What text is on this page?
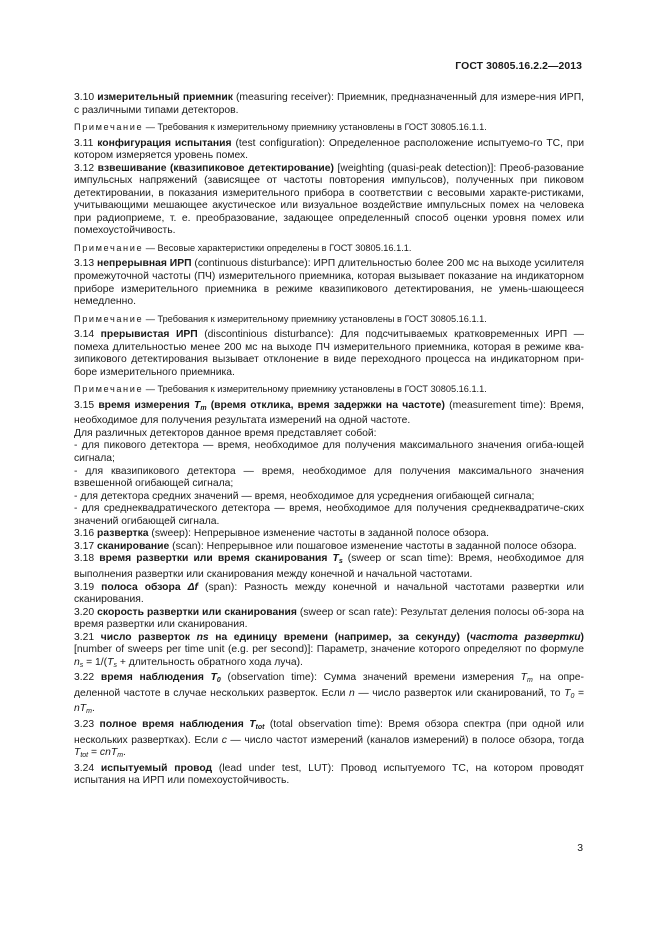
ГОСТ 30805.16.2.2—2013

3.10 измерительный приемник (measuring receiver): Приемник, предназначенный для измере-ния ИРП, с различными типами детекторов.

Примечание — Требования к измерительному приемнику установлены в ГОСТ 30805.16.1.1.

3.11 конфигурация испытания (test configuration): Определенное расположение испытуемо-го ТС, при котором измеряется уровень помех.

3.12 взвешивание (квазипиковое детектирование) [weighting (quasi-peak detection)]: Преоб-разование импульсных напряжений (зависящее от частоты повторения импульсов), полученных при пиковом детектировании, в показания измерительного прибора в соответствии с весовыми характе-ристиками, учитывающими мешающее акустическое или визуальное воздействие импульсных помех на человека при радиоприеме, т. е. преобразование, задающее определенный способ оценки уровня помех или помехоустойчивость.

Примечание — Весовые характеристики определены в ГОСТ 30805.16.1.1.

3.13 непрерывная ИРП (continuous disturbance): ИРП длительностью более 200 мс на выходе усилителя промежуточной частоты (ПЧ) измерительного приемника, которая вызывает показание на индикаторном приборе измерительного приемника в режиме квазипикового детектирования, не умень-шающееся немедленно.

Примечание — Требования к измерительному приемнику установлены в ГОСТ 30805.16.1.1.

3.14 прерывистая ИРП (discontinious disturbance): Для подсчитываемых кратковременных ИРП — помеха длительностью менее 200 мс на выходе ПЧ измерительного приемника, которая в режиме ква-зипикового детектирования вызывает отклонение в виде переходного процесса на индикаторном при-боре измерительного приемника.

Примечание — Требования к измерительному приемнику установлены в ГОСТ 30805.16.1.1.

3.15 время измерения $T_m$ (время отклика, время задержки на частоте) (measurement time): Время, необходимое для получения результата измерений на одной частоте.

Для различных детекторов данное время представляет собой:

- для пикового детектора — время, необходимое для получения максимального значения огиба-ющей сигнала;

- для квазипикового детектора — время, необходимое для получения максимального значения взвешенной огибающей сигнала;

- для детектора средних значений — время, необходимое для усреднения огибающей сигнала;

- для среднеквадратического детектора — время, необходимое для получения среднеквадратиче-ских значений огибающей сигнала.

3.16 развертка (sweep): Непрерывное изменение частоты в заданной полосе обзора.

3.17 сканирование (scan): Непрерывное или пошаговое изменение частоты в заданной полосе обзора.

3.18 время развертки или время сканирования $T_s$ (sweep or scan time): Время, необходимое для выполнения развертки или сканирования между конечной и начальной частотами.

3.19 полоса обзора Δf (span): Разность между конечной и начальной частотами развертки или сканирования.

3.20 скорость развертки или сканирования (sweep or scan rate): Результат деления полосы об-зора на время развертки или сканирования.

3.21 число разверток ns на единицу времени (например, за секунду) (частота развертки) [number of sweeps per time unit (e.g. per second)]: Параметр, значение которого определяют по формуле $n_s = 1/(T_s$ + длительность обратного хода луча).

3.22 время наблюдения $T_0$ (observation time): Сумма значений времени измерения $T_m$ на опре-деленной частоте в случае нескольких разверток. Если n — число разверток или сканирований, то $T_0 = nT_m$.

3.23 полное время наблюдения $T_{tot}$ (total observation time): Время обзора спектра (при одной или нескольких развертках). Если c — число частот измерений (каналов измерений) в полосе обзора, тогда $T_{tot} = cnT_m$.

3.24 испытуемый провод (lead under test, LUT): Провод испытуемого ТС, на котором проводят испытания на ИРП или помехоустойчивость.

3
